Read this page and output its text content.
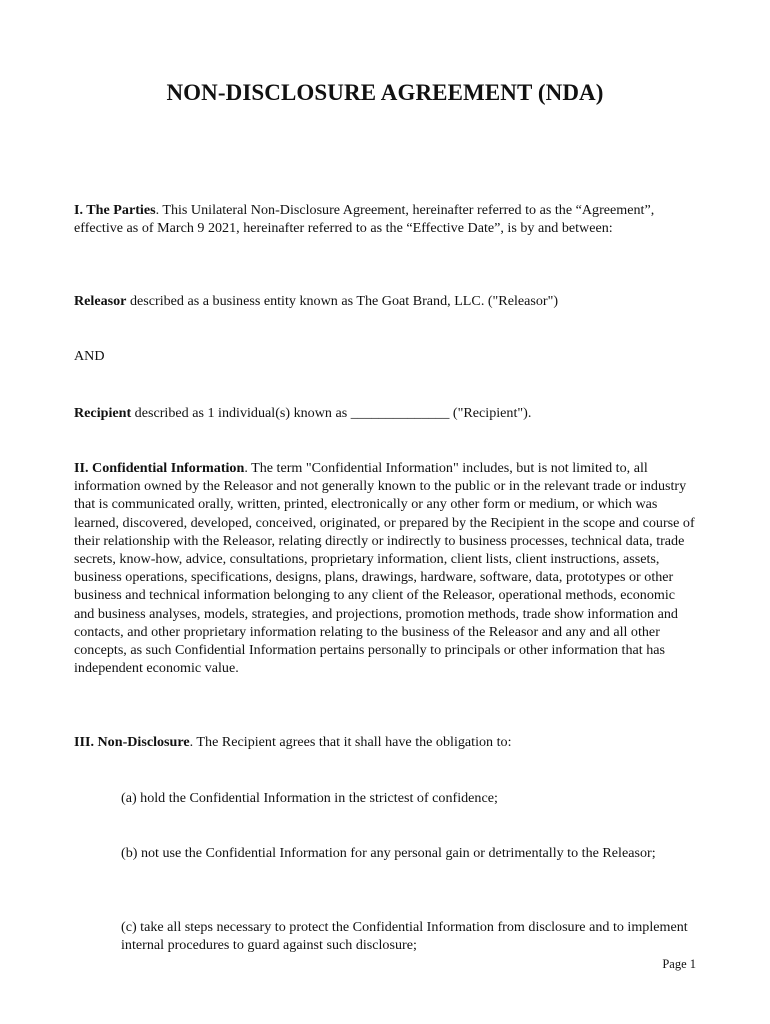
NON-DISCLOSURE AGREEMENT (NDA)

I. The Parties. This Unilateral Non-Disclosure Agreement, hereinafter referred to as the “Agreement”, effective as of March 9 2021, hereinafter referred to as the “Effective Date”, is by and between:

Releasor described as a business entity known as The Goat Brand, LLC. ("Releasor")

AND

Recipient described as 1 individual(s) known as ______________ ("Recipient").

II. Confidential Information. The term "Confidential Information" includes, but is not limited to, all information owned by the Releasor and not generally known to the public or in the relevant trade or industry that is communicated orally, written, printed, electronically or any other form or medium, or which was learned, discovered, developed, conceived, originated, or prepared by the Recipient in the scope and course of their relationship with the Releasor, relating directly or indirectly to business processes, technical data, trade secrets, know-how, advice, consultations, proprietary information, client lists, client instructions, assets, business operations, specifications, designs, plans, drawings, hardware, software, data, prototypes or other business and technical information belonging to any client of the Releasor, operational methods, economic and business analyses, models, strategies, and projections, promotion methods, trade show information and contacts, and other proprietary information relating to the business of the Releasor and any and all other concepts, as such Confidential Information pertains personally to principals or other information that has independent economic value.

III. Non-Disclosure. The Recipient agrees that it shall have the obligation to:

(a) hold the Confidential Information in the strictest of confidence;

(b) not use the Confidential Information for any personal gain or detrimentally to the Releasor;

(c) take all steps necessary to protect the Confidential Information from disclosure and to implement internal procedures to guard against such disclosure;

Page 1
